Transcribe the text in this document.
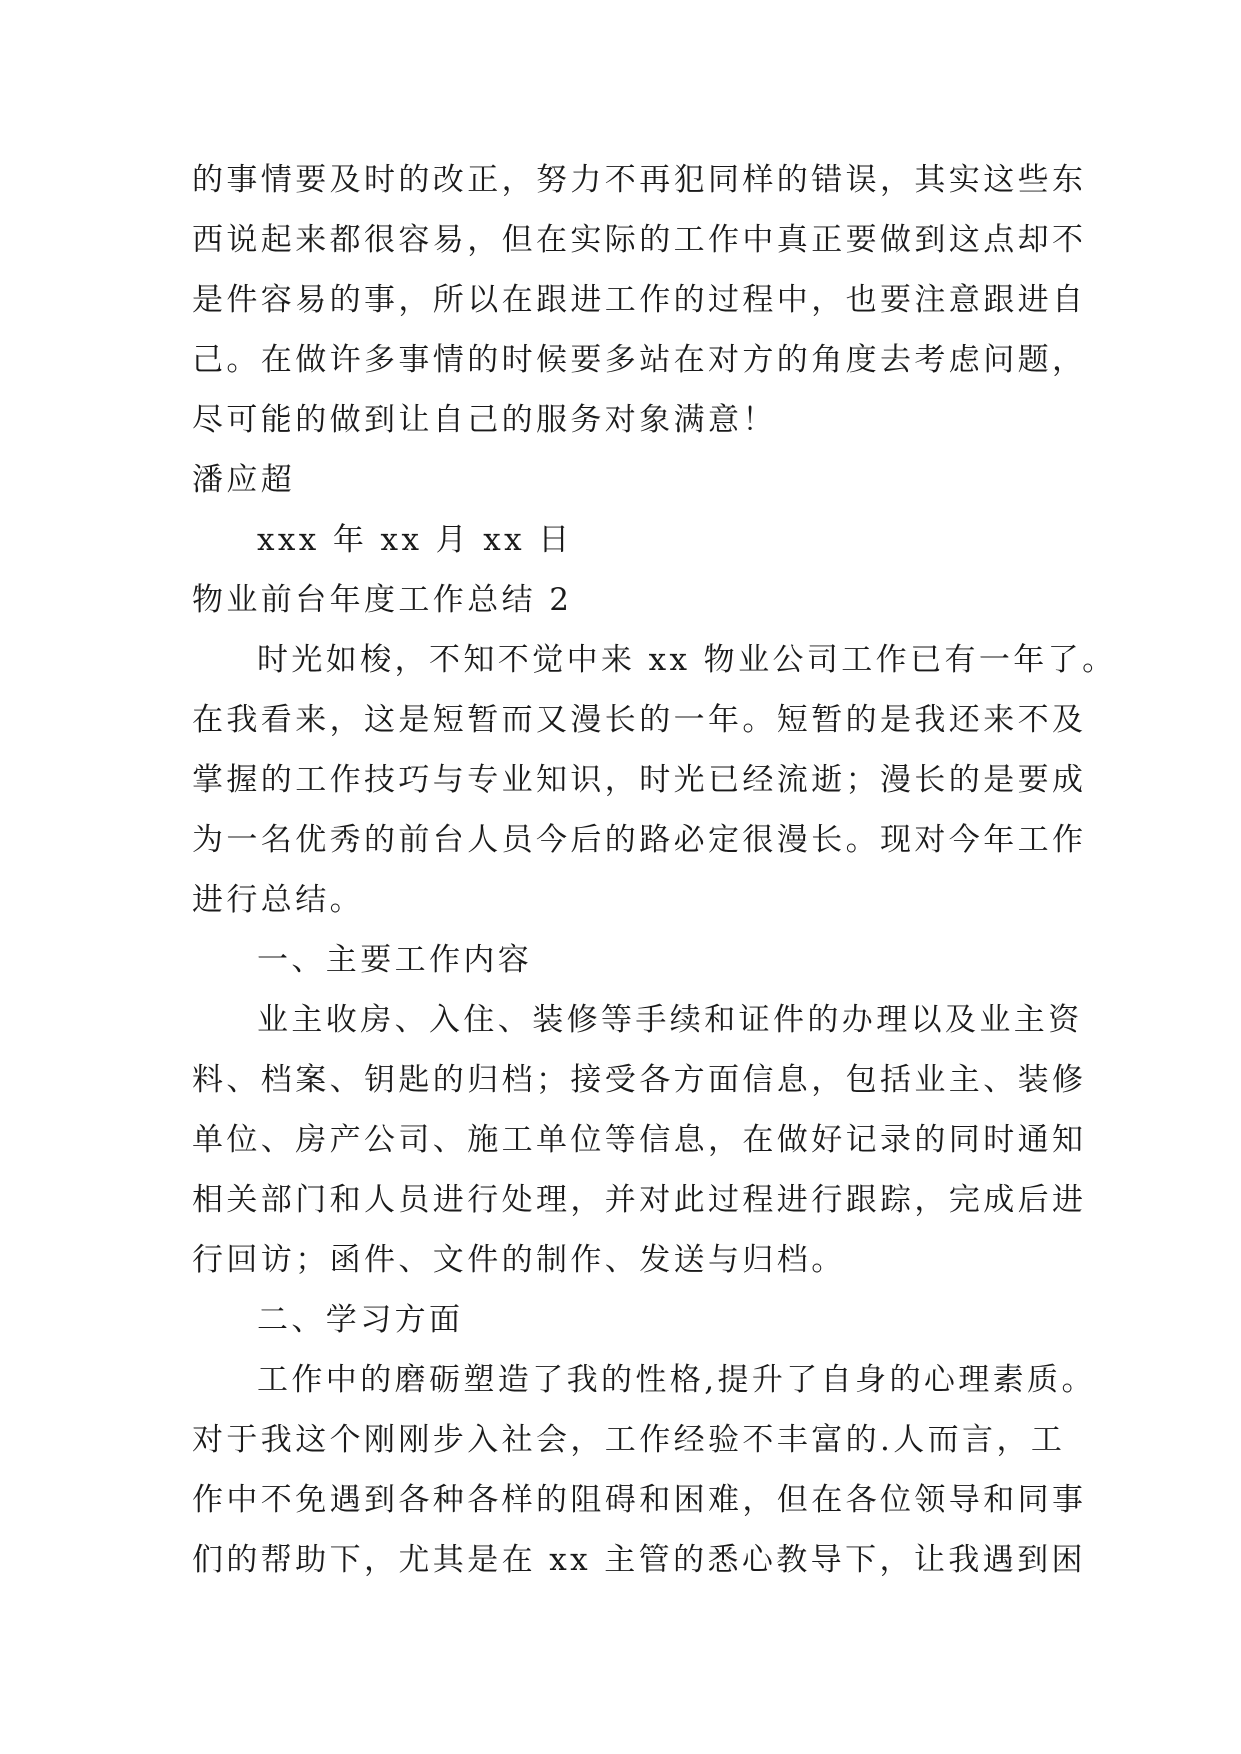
的事情要及时的改正，努力不再犯同样的错误，其实这些东
西说起来都很容易，但在实际的工作中真正要做到这点却不
是件容易的事，所以在跟进工作的过程中，也要注意跟进自
己。在做许多事情的时候要多站在对方的角度去考虑问题，
尽可能的做到让自己的服务对象满意！
潘应超
xxx 年 xx 月 xx 日
物业前台年度工作总结 2
时光如梭，不知不觉中来 xx 物业公司工作已有一年了。
在我看来，这是短暂而又漫长的一年。短暂的是我还来不及
掌握的工作技巧与专业知识，时光已经流逝；漫长的是要成
为一名优秀的前台人员今后的路必定很漫长。现对今年工作
进行总结。
一、主要工作内容
业主收房、入住、装修等手续和证件的办理以及业主资
料、档案、钥匙的归档；接受各方面信息，包括业主、装修
单位、房产公司、施工单位等信息，在做好记录的同时通知
相关部门和人员进行处理，并对此过程进行跟踪，完成后进
行回访；函件、文件的制作、发送与归档。
二、学习方面
工作中的磨砺塑造了我的性格,提升了自身的心理素质。
对于我这个刚刚步入社会，工作经验不丰富的.人而言，工
作中不免遇到各种各样的阻碍和困难，但在各位领导和同事
们的帮助下，尤其是在 xx 主管的悉心教导下，让我遇到困
